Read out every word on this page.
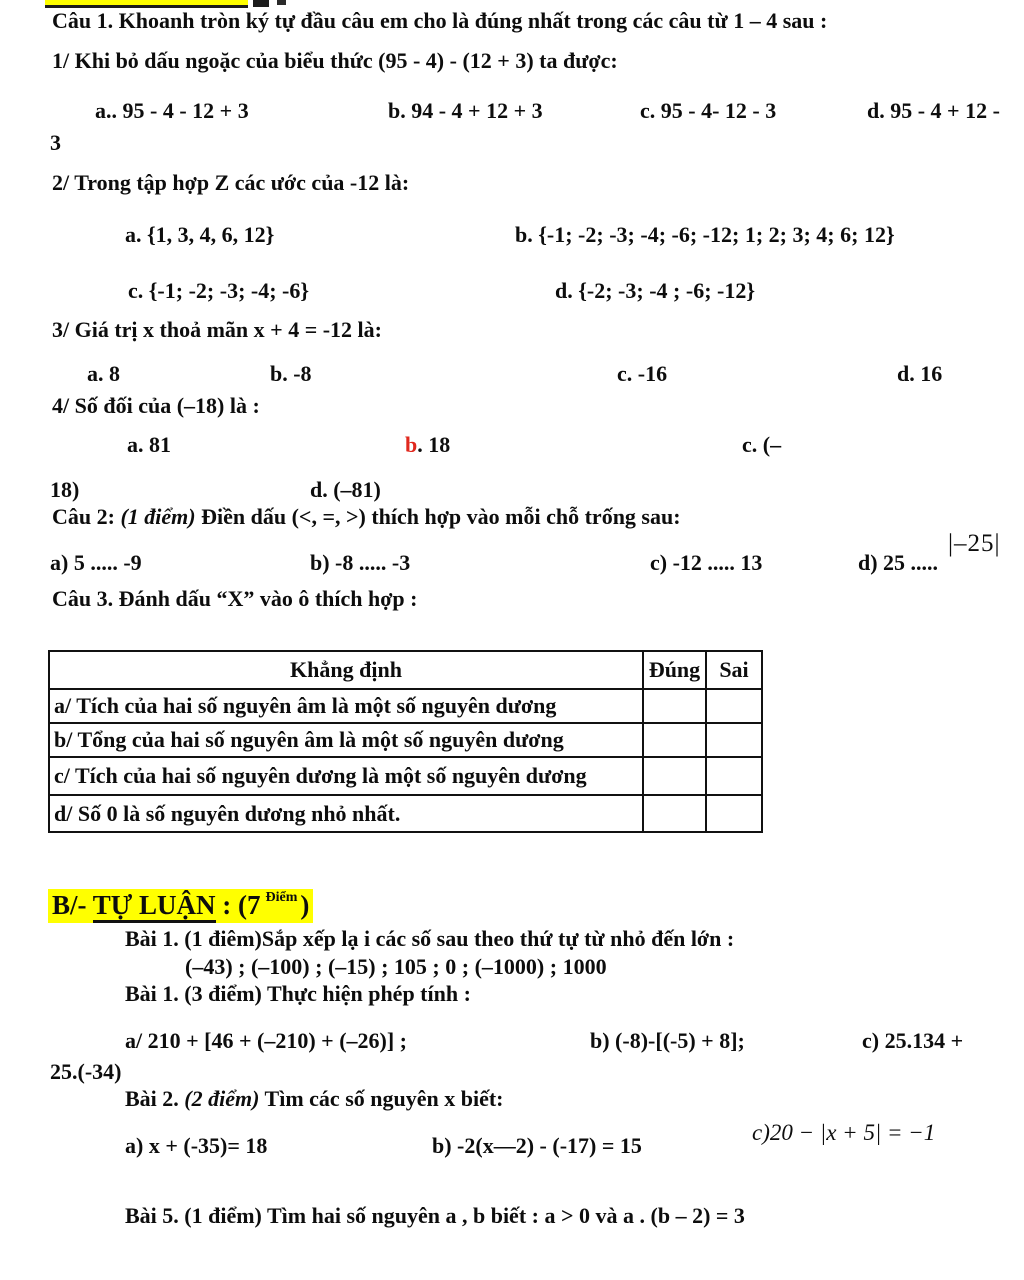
Câu 1. Khoanh tròn ký tự đầu câu em cho là đúng nhất trong các câu từ 1 – 4 sau :
1/ Khi bỏ dấu ngoặc của biểu thức (95 - 4) - (12 + 3) ta được:
a.. 95 - 4 - 12 + 3	b. 94 - 4 + 12 + 3	c. 95 - 4- 12 - 3	d. 95 - 4 + 12 -
3
2/ Trong tập hợp Z các ước của -12 là:
a. {1, 3, 4, 6, 12}	b. {-1; -2; -3; -4; -6; -12; 1; 2; 3; 4; 6; 12}
c. {-1; -2; -3; -4; -6}	d. {-2; -3; -4 ; -6; -12}
3/ Giá trị x thoả mãn x + 4 = -12 là:
a. 8	b. -8	c. -16	d. 16
4/ Số đối của (–18) là :
a. 81	b. 18	c. (–
18)	d. (–81)
Câu 2: (1 điểm) Điền dấu (<, =, >) thích hợp vào mỗi chỗ trống sau:
a) 5 ..... -9	b) -8 ..... -3	c) -12 ..... 13	d) 25 .....
|–25|
Câu 3. Đánh dấu “X” vào ô thích hợp :
Khẳng định	Đúng	Sai
a/ Tích của hai số nguyên âm là một số nguyên dương		
b/ Tổng của hai số nguyên âm là một số nguyên dương		
c/ Tích của hai số nguyên dương là một số nguyên dương		
d/ Số 0 là số nguyên dương nhỏ nhất.		
B/- TỰ LUẬN : (7 Điểm )
Bài 1. (1 điêm)Sắp xếp lạ i các số sau theo thứ tự từ nhỏ đến lớn :
(–43) ; (–100) ; (–15) ; 105 ; 0 ; (–1000) ; 1000
Bài 1. (3 điểm) Thực hiện phép tính :
a/ 210 + [46 + (–210) + (–26)] ;	b) (-8)-[(-5) + 8];	c) 25.134 +
25.(-34)
Bài 2. (2 điểm) Tìm các số nguyên x biết:
a) x + (-35)= 18	b) -2(x—2) - (-17) = 15
c)20 − |x + 5| = −1
Bài 5. (1 điểm) Tìm hai số nguyên a , b biết : a > 0 và a . (b – 2) = 3
